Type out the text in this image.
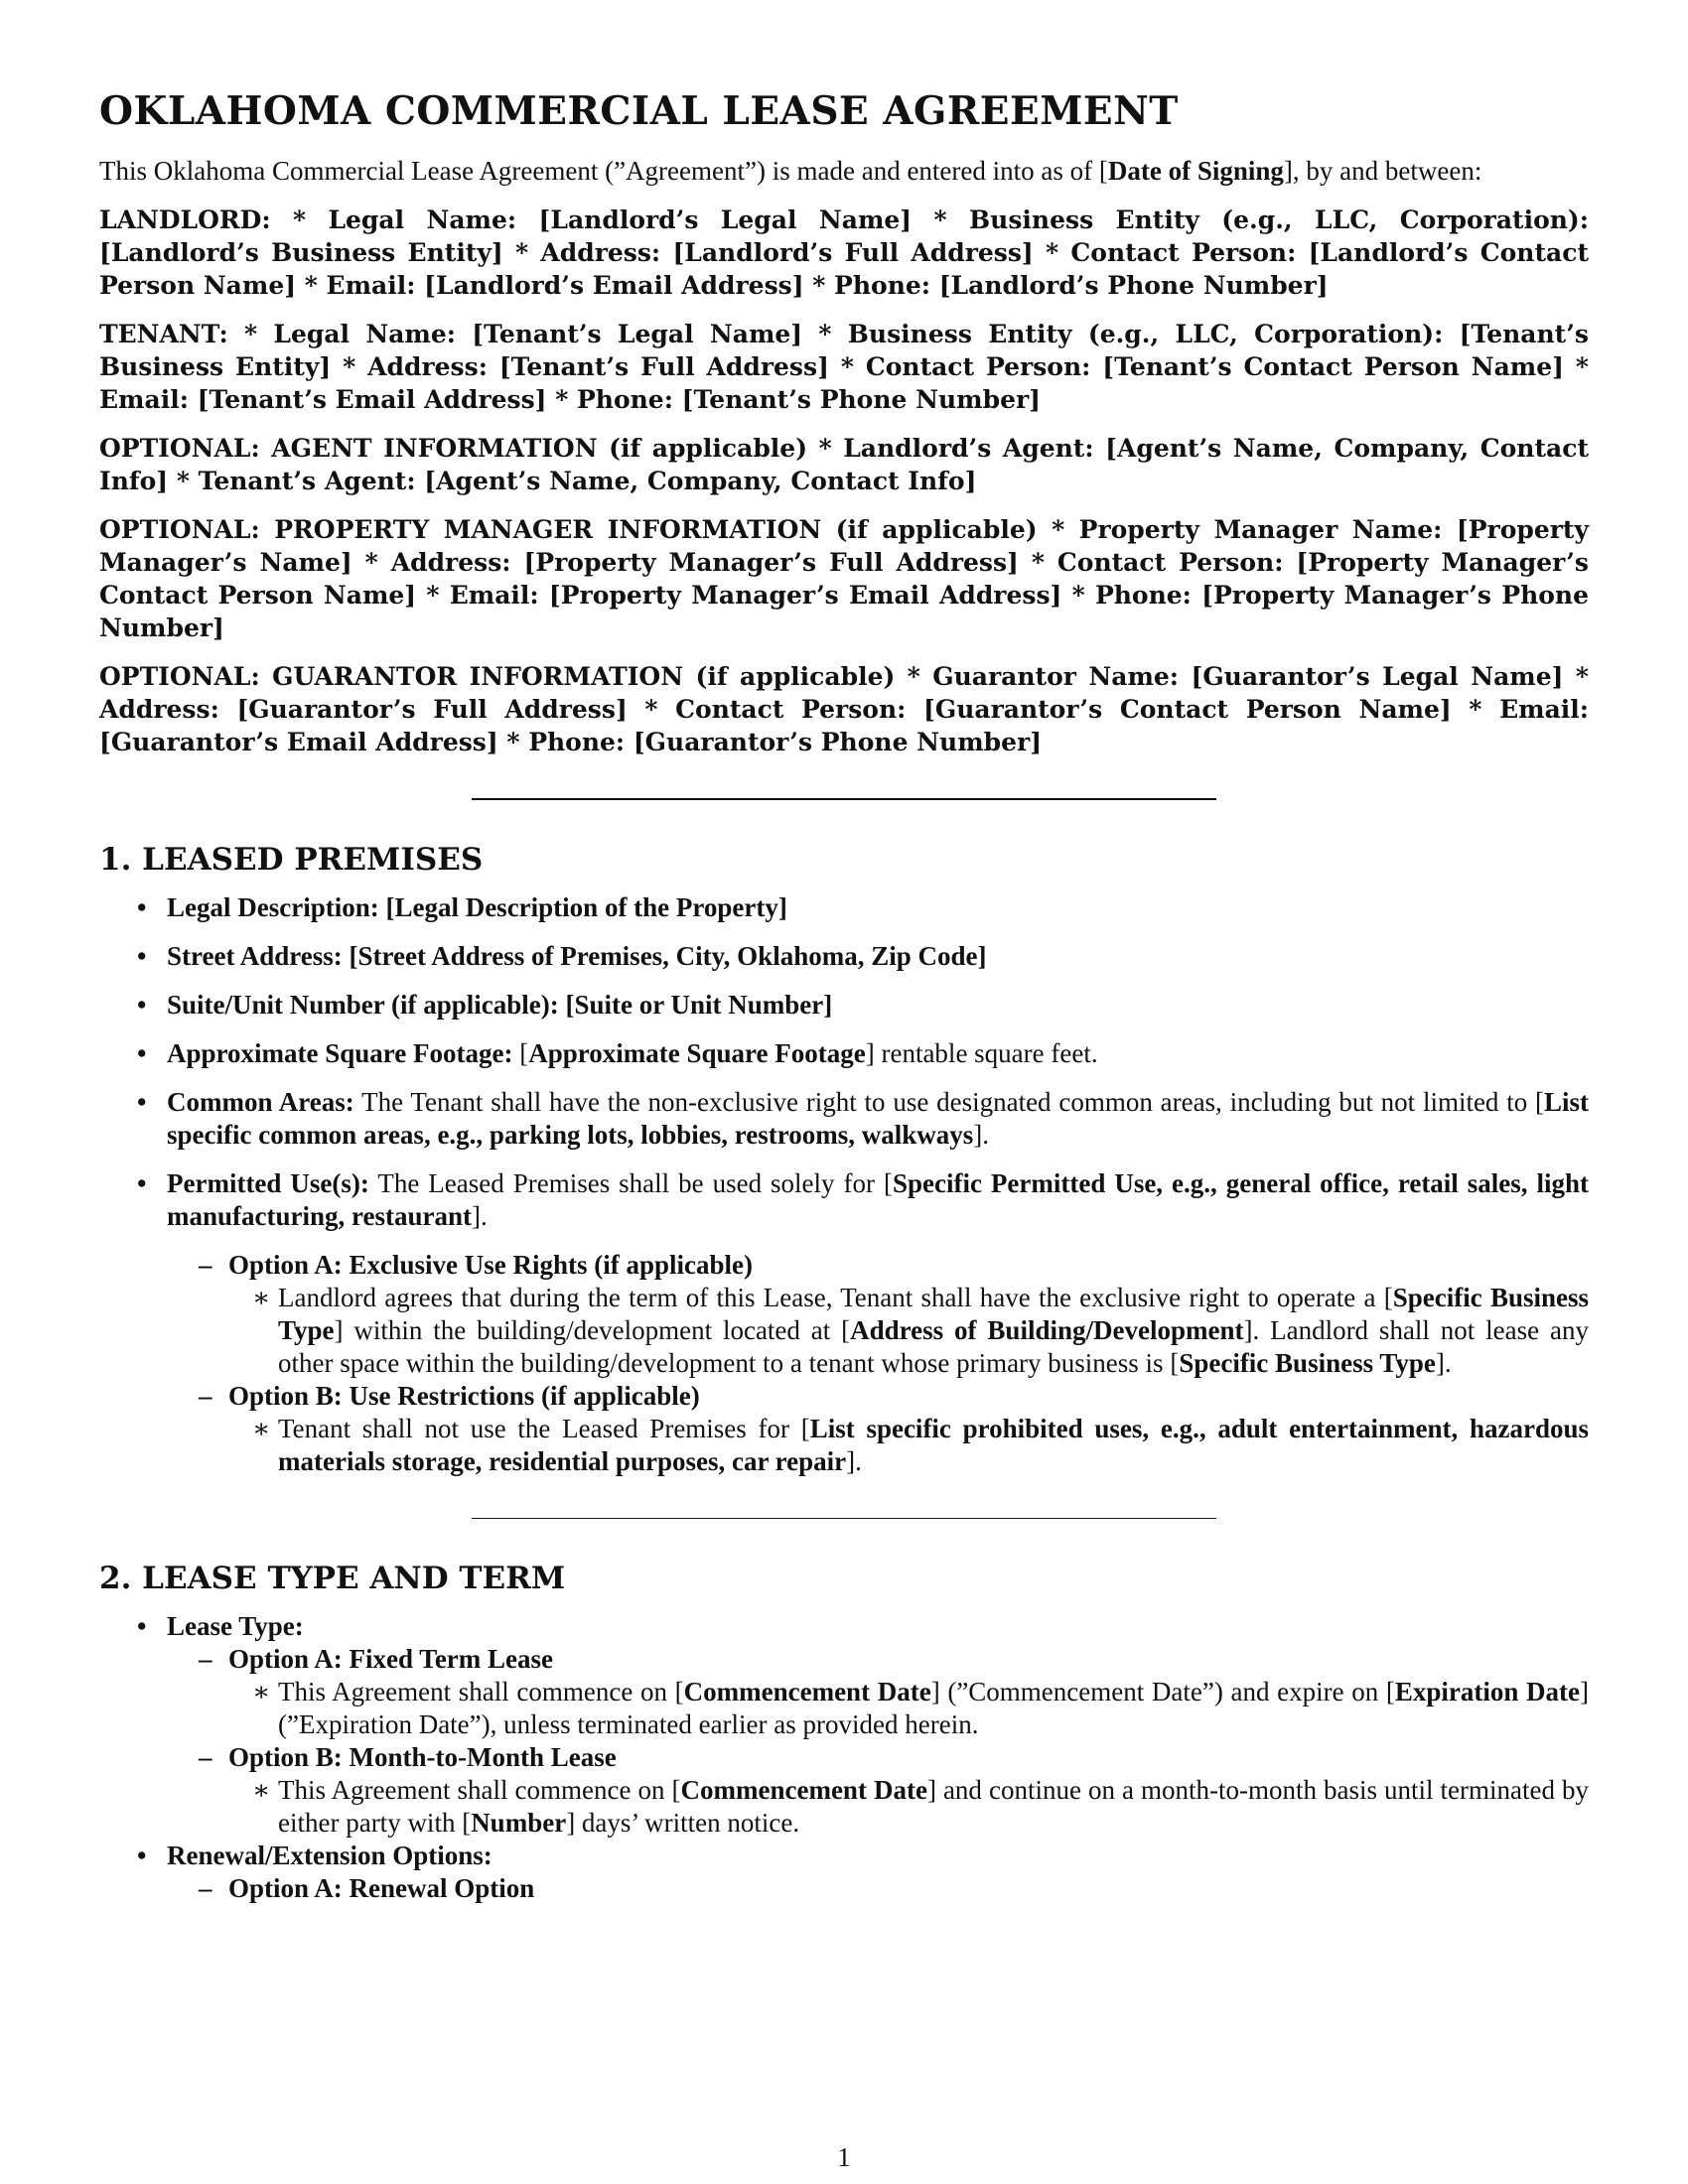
OKLAHOMA COMMERCIAL LEASE AGREEMENT

This Oklahoma Commercial Lease Agreement (”Agreement”) is made and entered into as of [Date of Signing], by and between:

LANDLORD: * Legal Name: [Landlord’s Legal Name] * Business Entity (e.g., LLC, Corporation): [Landlord’s Business Entity] * Address: [Landlord’s Full Address] * Contact Person: [Landlord’s Contact Person Name] * Email: [Landlord’s Email Address] * Phone: [Landlord’s Phone Number]

TENANT: * Legal Name: [Tenant’s Legal Name] * Business Entity (e.g., LLC, Corporation): [Tenant’s Business Entity] * Address: [Tenant’s Full Address] * Contact Person: [Tenant’s Contact Person Name] * Email: [Tenant’s Email Address] * Phone: [Tenant’s Phone Number]

OPTIONAL: AGENT INFORMATION (if applicable) * Landlord’s Agent: [Agent’s Name, Company, Contact Info] * Tenant’s Agent: [Agent’s Name, Company, Contact Info]

OPTIONAL: PROPERTY MANAGER INFORMATION (if applicable) * Property Manager Name: [Property Manager’s Name] * Address: [Property Manager’s Full Address] * Contact Person: [Property Manager’s Contact Person Name] * Email: [Property Manager’s Email Address] * Phone: [Property Manager’s Phone Number]

OPTIONAL: GUARANTOR INFORMATION (if applicable) * Guarantor Name: [Guarantor’s Legal Name] * Address: [Guarantor’s Full Address] * Contact Person: [Guarantor’s Contact Person Name] * Email: [Guarantor’s Email Address] * Phone: [Guarantor’s Phone Number]

1. LEASED PREMISES
• Legal Description: [Legal Description of the Property]
• Street Address: [Street Address of Premises, City, Oklahoma, Zip Code]
• Suite/Unit Number (if applicable): [Suite or Unit Number]
• Approximate Square Footage: [Approximate Square Footage] rentable square feet.
• Common Areas: The Tenant shall have the non-exclusive right to use designated common areas, including but not limited to [List specific common areas, e.g., parking lots, lobbies, restrooms, walkways].
• Permitted Use(s): The Leased Premises shall be used solely for [Specific Permitted Use, e.g., general office, retail sales, light manufacturing, restaurant].
– Option A: Exclusive Use Rights (if applicable)
∗ Landlord agrees that during the term of this Lease, Tenant shall have the exclusive right to operate a [Specific Business Type] within the building/development located at [Address of Building/Development]. Landlord shall not lease any other space within the building/development to a tenant whose primary business is [Specific Business Type].
– Option B: Use Restrictions (if applicable)
∗ Tenant shall not use the Leased Premises for [List specific prohibited uses, e.g., adult entertainment, hazardous materials storage, residential purposes, car repair].
2. LEASE TYPE AND TERM
• Lease Type:
– Option A: Fixed Term Lease
∗ This Agreement shall commence on [Commencement Date] (”Commencement Date”) and expire on [Expiration Date] (”Expiration Date”), unless terminated earlier as provided herein.
– Option B: Month-to-Month Lease
∗ This Agreement shall commence on [Commencement Date] and continue on a month-to-month basis until terminated by either party with [Number] days’ written notice.
• Renewal/Extension Options:
– Option A: Renewal Option
1
